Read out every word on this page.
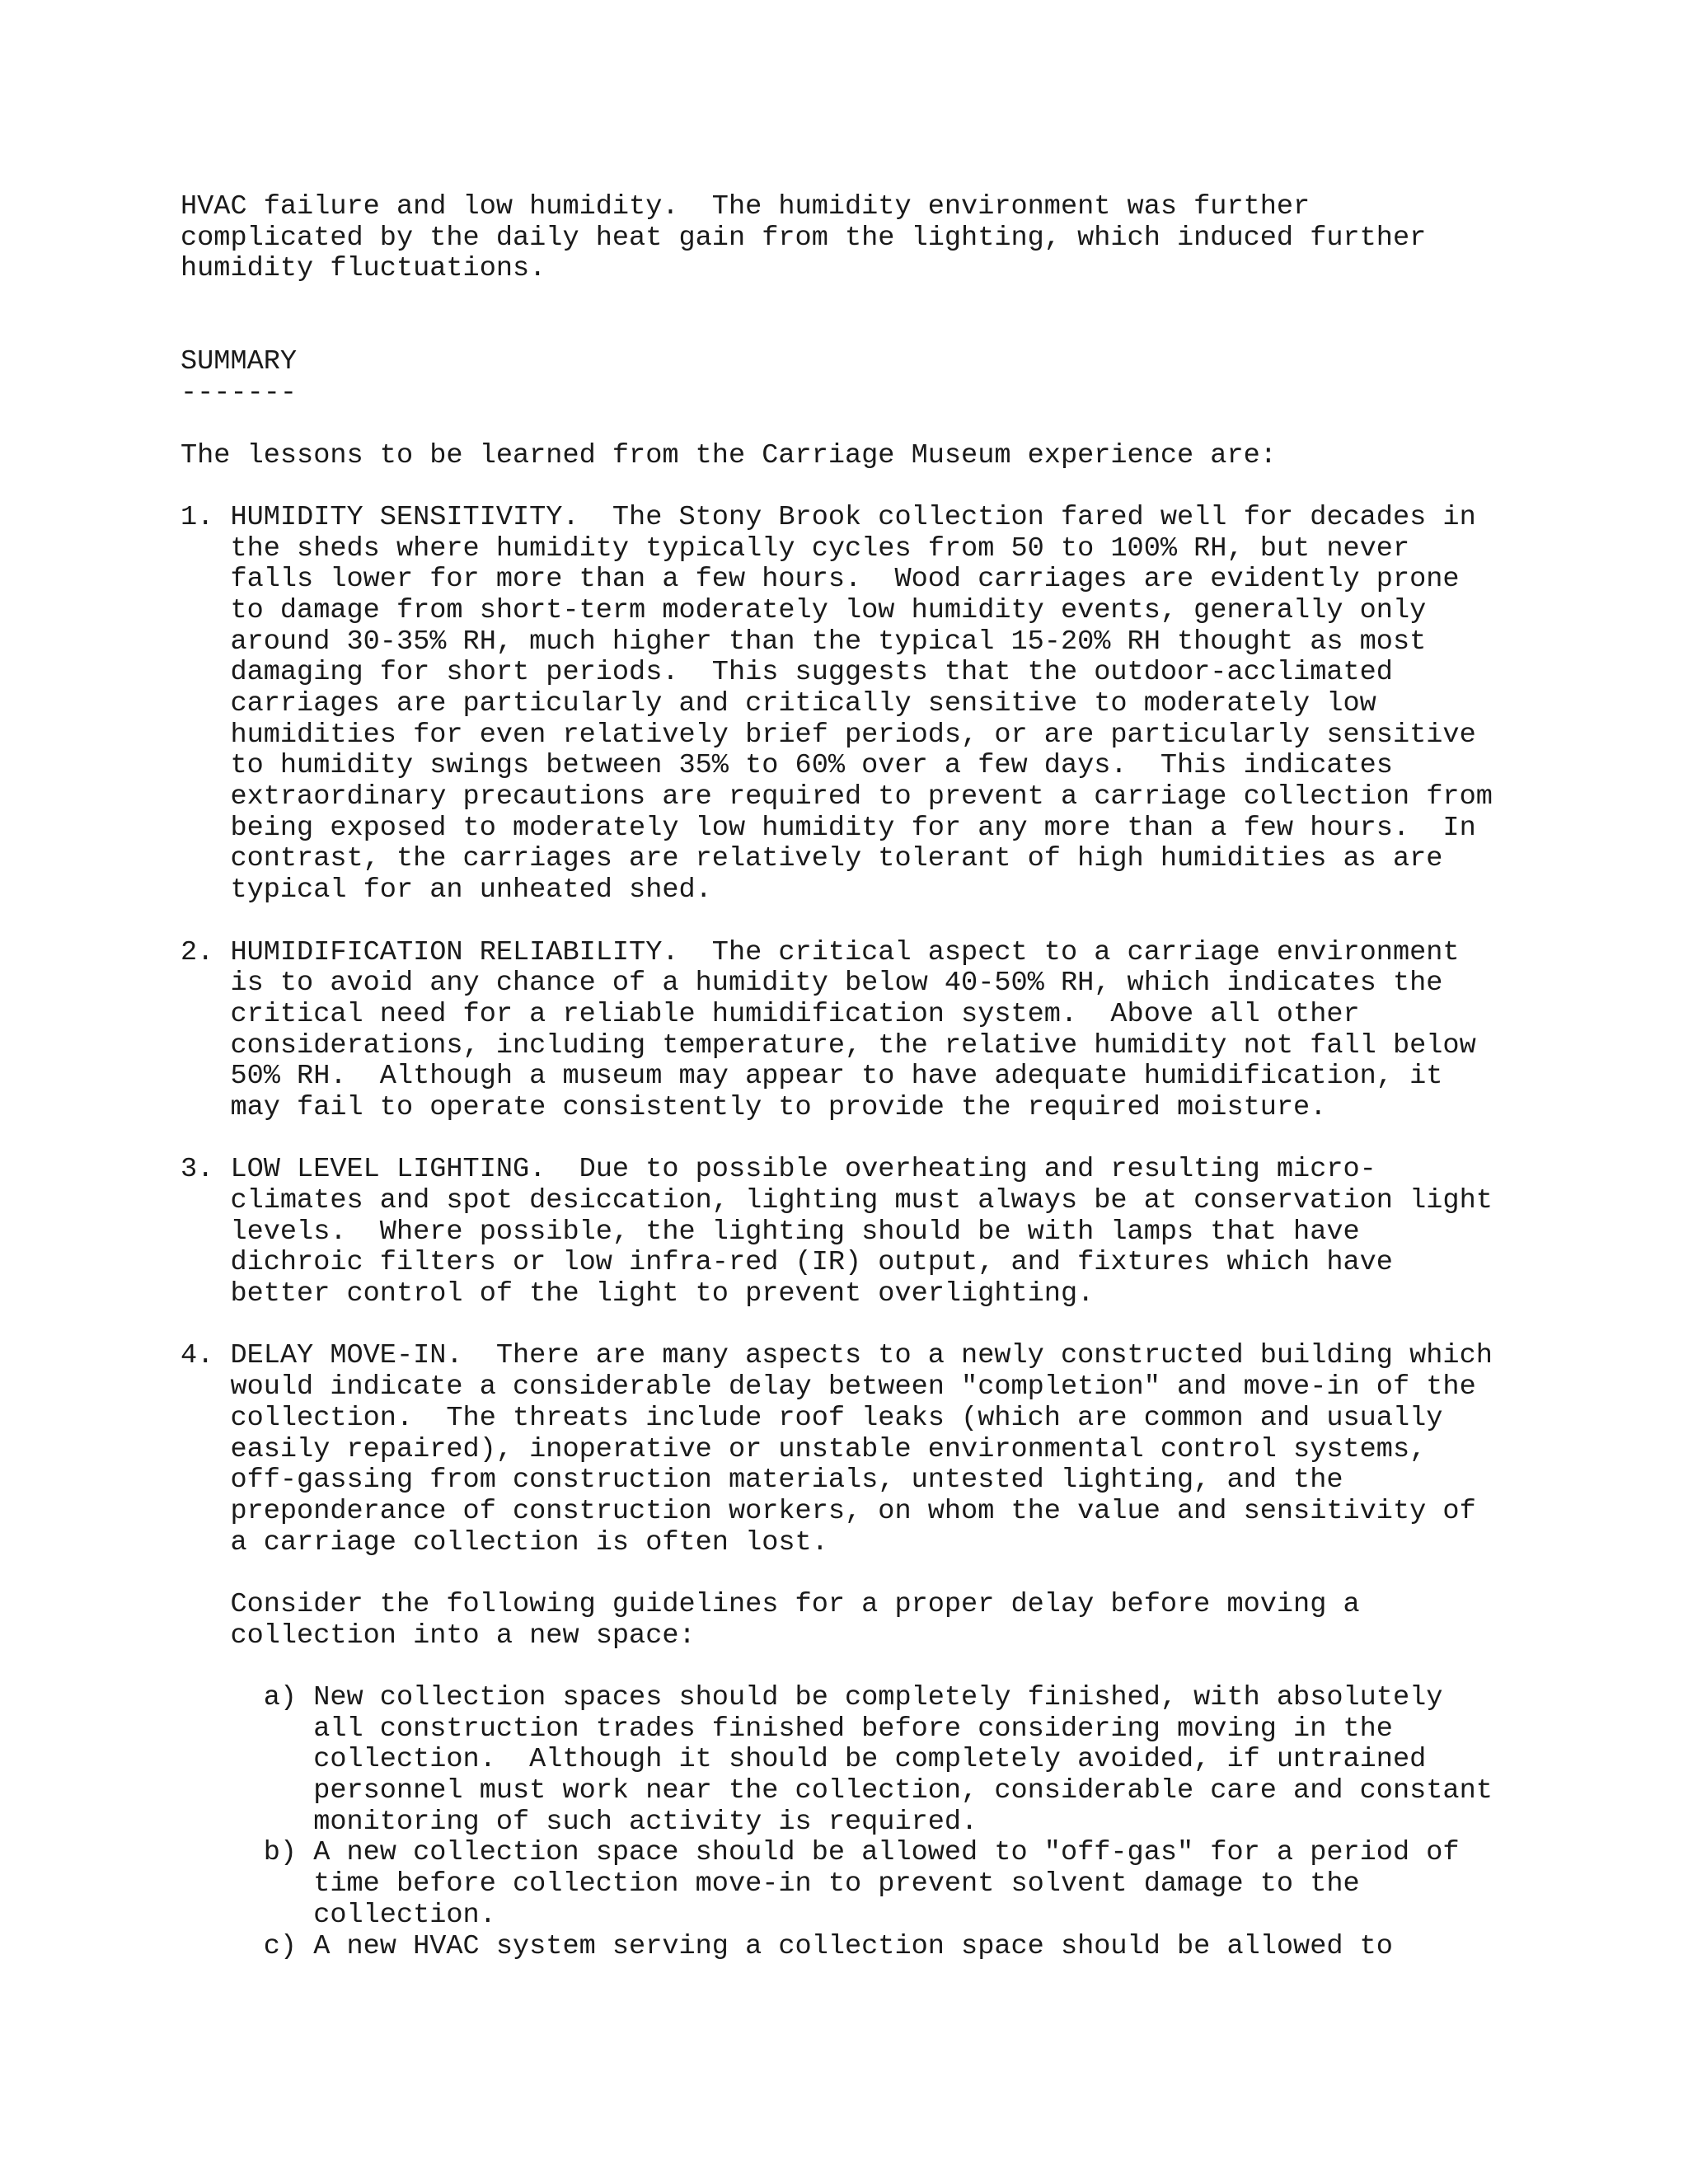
HVAC failure and low humidity.  The humidity environment was further
complicated by the daily heat gain from the lighting, which induced further
humidity fluctuations.
SUMMARY
-------
The lessons to be learned from the Carriage Museum experience are:
1. HUMIDITY SENSITIVITY.  The Stony Brook collection fared well for decades in
the sheds where humidity typically cycles from 50 to 100% RH, but never
falls lower for more than a few hours.  Wood carriages are evidently prone
to damage from short-term moderately low humidity events, generally only
around 30-35% RH, much higher than the typical 15-20% RH thought as most
damaging for short periods.  This suggests that the outdoor-acclimated
carriages are particularly and critically sensitive to moderately low
humidities for even relatively brief periods, or are particularly sensitive
to humidity swings between 35% to 60% over a few days.  This indicates
extraordinary precautions are required to prevent a carriage collection from
being exposed to moderately low humidity for any more than a few hours.  In
contrast, the carriages are relatively tolerant of high humidities as are
typical for an unheated shed.
2. HUMIDIFICATION RELIABILITY.  The critical aspect to a carriage environment
is to avoid any chance of a humidity below 40-50% RH, which indicates the
critical need for a reliable humidification system.  Above all other
considerations, including temperature, the relative humidity not fall below
50% RH.  Although a museum may appear to have adequate humidification, it
may fail to operate consistently to provide the required moisture.
3. LOW LEVEL LIGHTING.  Due to possible overheating and resulting micro-
climates and spot desiccation, lighting must always be at conservation light
levels.  Where possible, the lighting should be with lamps that have
dichroic filters or low infra-red (IR) output, and fixtures which have
better control of the light to prevent overlighting.
4. DELAY MOVE-IN.  There are many aspects to a newly constructed building which
would indicate a considerable delay between "completion" and move-in of the
collection.  The threats include roof leaks (which are common and usually
easily repaired), inoperative or unstable environmental control systems,
off-gassing from construction materials, untested lighting, and the
preponderance of construction workers, on whom the value and sensitivity of
a carriage collection is often lost.
Consider the following guidelines for a proper delay before moving a
collection into a new space:
a) New collection spaces should be completely finished, with absolutely
all construction trades finished before considering moving in the
collection.  Although it should be completely avoided, if untrained
personnel must work near the collection, considerable care and constant
monitoring of such activity is required.
b) A new collection space should be allowed to "off-gas" for a period of
time before collection move-in to prevent solvent damage to the
collection.
c) A new HVAC system serving a collection space should be allowed to
